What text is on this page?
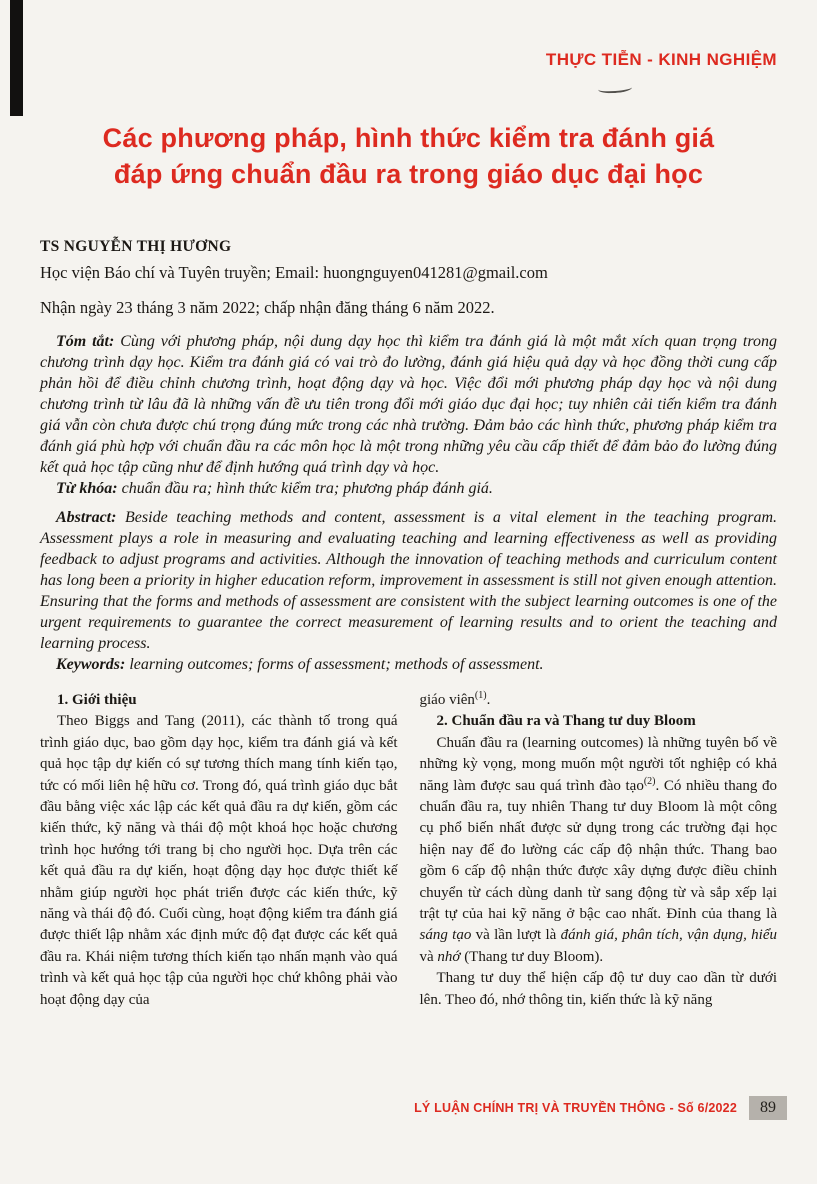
THỰC TIỄN - KINH NGHIỆM
Các phương pháp, hình thức kiểm tra đánh giá
đáp ứng chuẩn đầu ra trong giáo dục đại học
TS NGUYỄN THỊ HƯƠNG
Học viện Báo chí và Tuyên truyền; Email: huongnguyen041281@gmail.com
Nhận ngày 23 tháng 3 năm 2022; chấp nhận đăng tháng 6 năm 2022.

Tóm tắt: Cùng với phương pháp, nội dung dạy học thì kiểm tra đánh giá là một mắt xích quan trọng trong chương trình dạy học. Kiểm tra đánh giá có vai trò đo lường, đánh giá hiệu quả dạy và học đồng thời cung cấp phản hồi để điều chỉnh chương trình, hoạt động dạy và học. Việc đổi mới phương pháp dạy học và nội dung chương trình từ lâu đã là những vấn đề ưu tiên trong đổi mới giáo dục đại học; tuy nhiên cải tiến kiểm tra đánh giá vẫn còn chưa được chú trọng đúng mức trong các nhà trường. Đảm bảo các hình thức, phương pháp kiểm tra đánh giá phù hợp với chuẩn đầu ra các môn học là một trong những yêu cầu cấp thiết để đảm bảo đo lường đúng kết quả học tập cũng như để định hướng quá trình dạy và học.

Từ khóa: chuẩn đầu ra; hình thức kiểm tra; phương pháp đánh giá.

Abstract: Beside teaching methods and content, assessment is a vital element in the teaching program. Assessment plays a role in measuring and evaluating teaching and learning effectiveness as well as providing feedback to adjust programs and activities. Although the innovation of teaching methods and curriculum content has long been a priority in higher education reform, improvement in assessment is still not given enough attention. Ensuring that the forms and methods of assessment are consistent with the subject learning outcomes is one of the urgent requirements to guarantee the correct measurement of learning results and to orient the teaching and learning process.

Keywords: learning outcomes; forms of assessment; methods of assessment.

1. Giới thiệu

Theo Biggs and Tang (2011), các thành tố trong quá trình giáo dục, bao gồm dạy học, kiểm tra đánh giá và kết quả học tập dự kiến có sự tương thích mang tính kiến tạo, tức có mối liên hệ hữu cơ. Trong đó, quá trình giáo dục bắt đầu bằng việc xác lập các kết quả đầu ra dự kiến, gồm các kiến thức, kỹ năng và thái độ một khoá học hoặc chương trình học hướng tới trang bị cho người học. Dựa trên các kết quả đầu ra dự kiến, hoạt động dạy học được thiết kế nhằm giúp người học phát triển được các kiến thức, kỹ năng và thái độ đó. Cuối cùng, hoạt động kiểm tra đánh giá được thiết lập nhằm xác định mức độ đạt được các kết quả đầu ra. Khái niệm tương thích kiến tạo nhấn mạnh vào quá trình và kết quả học tập của người học chứ không phải vào hoạt động dạy của

giáo viên$^{(1)}$.

2. Chuẩn đầu ra và Thang tư duy Bloom

Chuẩn đầu ra (learning outcomes) là những tuyên bố về những kỳ vọng, mong muốn một người tốt nghiệp có khả năng làm được sau quá trình đào tạo$^{(2)}$. Có nhiều thang đo chuẩn đầu ra, tuy nhiên Thang tư duy Bloom là một công cụ phổ biến nhất được sử dụng trong các trường đại học hiện nay để đo lường các cấp độ nhận thức. Thang bao gồm 6 cấp độ nhận thức được xây dựng được điều chỉnh chuyển từ cách dùng danh từ sang động từ và sắp xếp lại trật tự của hai kỹ năng ở bậc cao nhất. Đỉnh của thang là sáng tạo và lần lượt là đánh giá, phân tích, vận dụng, hiểu và nhớ (Thang tư duy Bloom).

Thang tư duy thể hiện cấp độ tư duy cao dần từ dưới lên. Theo đó, nhớ thông tin, kiến thức là kỹ năng

LÝ LUẬN CHÍNH TRỊ VÀ TRUYỀN THÔNG - Số 6/2022	89
